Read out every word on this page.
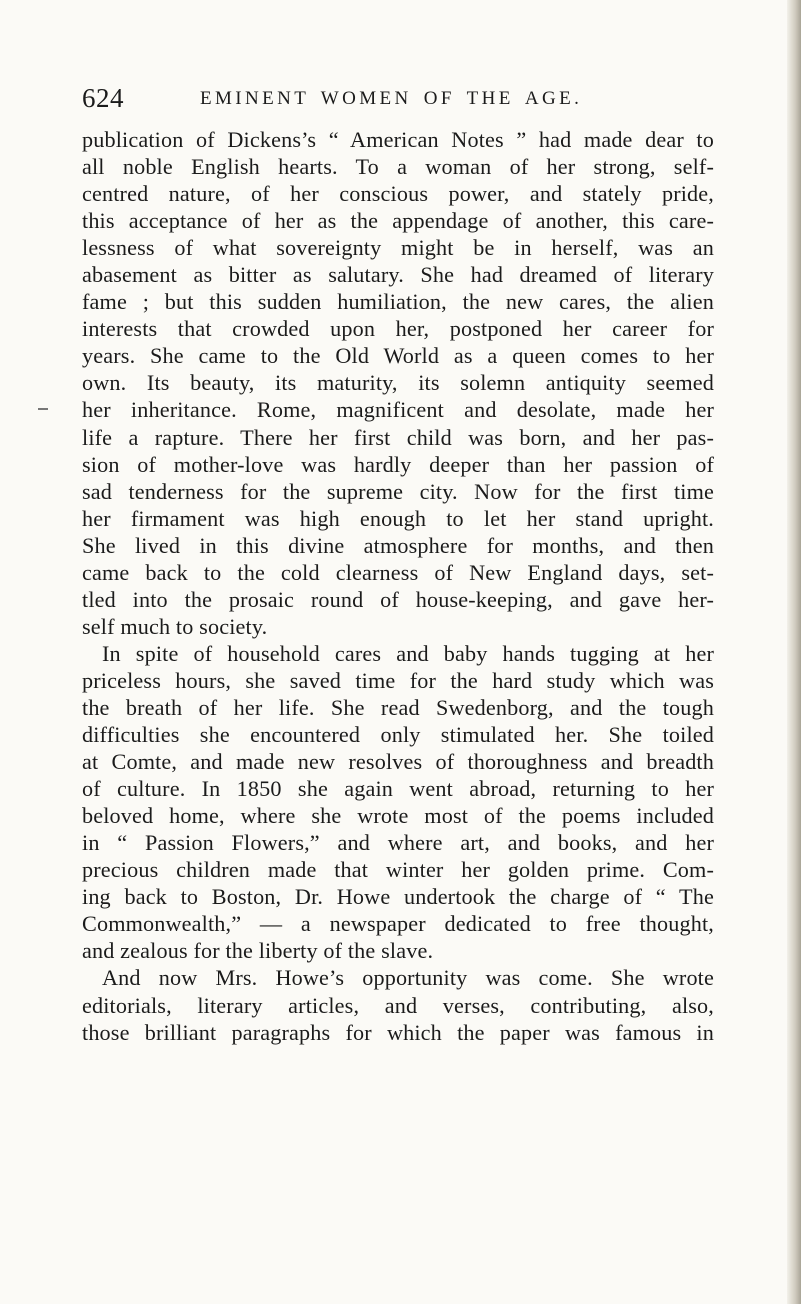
624	EMINENT WOMEN OF THE AGE.
publication of Dickens’s “ American Notes ” had made dear to
all noble English hearts. To a woman of her strong, self-
centred nature, of her conscious power, and stately pride,
this acceptance of her as the appendage of another, this care-
lessness of what sovereignty might be in herself, was an
abasement as bitter as salutary. She had dreamed of literary
fame ; but this sudden humiliation, the new cares, the alien
interests that crowded upon her, postponed her career for
years. She came to the Old World as a queen comes to her
own. Its beauty, its maturity, its solemn antiquity seemed
her inheritance. Rome, magnificent and desolate, made her
life a rapture. There her first child was born, and her pas-
sion of mother-love was hardly deeper than her passion of
sad tenderness for the supreme city. Now for the first time
her firmament was high enough to let her stand upright.
She lived in this divine atmosphere for months, and then
came back to the cold clearness of New England days, set-
tled into the prosaic round of house-keeping, and gave her-
self much to society.
In spite of household cares and baby hands tugging at her
priceless hours, she saved time for the hard study which was
the breath of her life. She read Swedenborg, and the tough
difficulties she encountered only stimulated her. She toiled
at Comte, and made new resolves of thoroughness and breadth
of culture. In 1850 she again went abroad, returning to her
beloved home, where she wrote most of the poems included
in “ Passion Flowers,” and where art, and books, and her
precious children made that winter her golden prime. Com-
ing back to Boston, Dr. Howe undertook the charge of “ The
Commonwealth,” — a newspaper dedicated to free thought,
and zealous for the liberty of the slave.
And now Mrs. Howe’s opportunity was come. She wrote
editorials, literary articles, and verses, contributing, also,
those brilliant paragraphs for which the paper was famous in
